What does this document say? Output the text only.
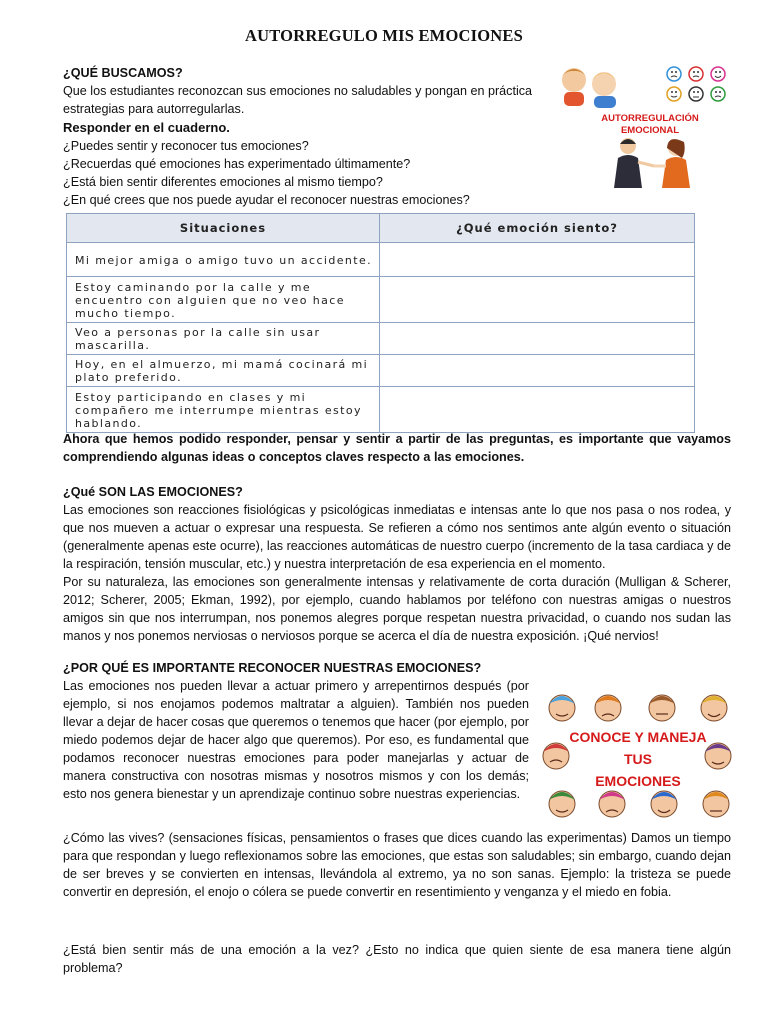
AUTORREGULO MIS EMOCIONES

¿QUÉ BUSCAMOS?

Que los estudiantes reconozcan sus emociones no saludables y pongan en práctica estrategias para autorregularlas.

Responder en el cuaderno.

¿Puedes sentir y reconocer tus emociones?

¿Recuerdas qué emociones has experimentado últimamente?

¿Está bien sentir diferentes emociones al mismo tiempo?

¿En qué crees que nos puede ayudar el reconocer nuestras emociones?

AUTORREGULACIÓN
EMOCIONAL
Situaciones	¿Qué emoción siento?
Mi mejor amiga o amigo tuvo un accidente.	
Estoy caminando por la calle y me encuentro con alguien que no veo hace mucho tiempo.	
Veo a personas por la calle sin usar mascarilla.	
Hoy, en el almuerzo, mi mamá cocinará mi plato preferido.	
Estoy participando en clases y mi compañero me interrumpe mientras estoy hablando.	

Ahora que hemos podido responder, pensar y sentir a partir de las preguntas, es importante que vayamos comprendiendo algunas ideas o conceptos claves respecto a las emociones.

¿Qué SON LAS EMOCIONES?

Las emociones son reacciones fisiológicas y psicológicas inmediatas e intensas ante lo que nos pasa o nos rodea, y que nos mueven a actuar o expresar una respuesta. Se refieren a cómo nos sentimos ante algún evento o situación (generalmente apenas este ocurre), las reacciones automáticas de nuestro cuerpo (incremento de la tasa cardiaca y de la respiración, tensión muscular, etc.) y nuestra interpretación de esa experiencia en el momento.

Por su naturaleza, las emociones son generalmente intensas y relativamente de corta duración (Mulligan & Scherer, 2012; Scherer, 2005; Ekman, 1992), por ejemplo, cuando hablamos por teléfono con nuestras amigas o nuestros amigos sin que nos interrumpan, nos ponemos alegres porque respetan nuestra privacidad, o cuando nos sudan las manos y nos ponemos nerviosas o nerviosos porque se acerca el día de nuestra exposición. ¡Qué nervios!

¿POR QUÉ ES IMPORTANTE RECONOCER NUESTRAS EMOCIONES?

Las emociones nos pueden llevar a actuar primero y arrepentirnos después (por ejemplo, si nos enojamos podemos maltratar a alguien). También nos pueden llevar a dejar de hacer cosas que queremos o tenemos que hacer (por ejemplo, por miedo podemos dejar de hacer algo que queremos). Por eso, es fundamental que podamos reconocer nuestras emociones para poder manejarlas y actuar de manera constructiva con nosotras mismas y nosotros mismos y con los demás; esto nos genera bienestar y un aprendizaje continuo sobre nuestras experiencias.

CONOCE Y MANEJA
TUS
EMOCIONES

¿Cómo las vives? (sensaciones físicas, pensamientos o frases que dices cuando las experimentas) Damos un tiempo para que respondan y luego reflexionamos sobre las emociones, que estas son saludables; sin embargo, cuando dejan de ser breves y se convierten en intensas, llevándola al extremo, ya no son sanas. Ejemplo: la tristeza se puede convertir en depresión, el enojo o cólera se puede convertir en resentimiento y venganza y el miedo en fobia.

¿Está bien sentir más de una emoción a la vez? ¿Esto no indica que quien siente de esa manera tiene algún problema?
